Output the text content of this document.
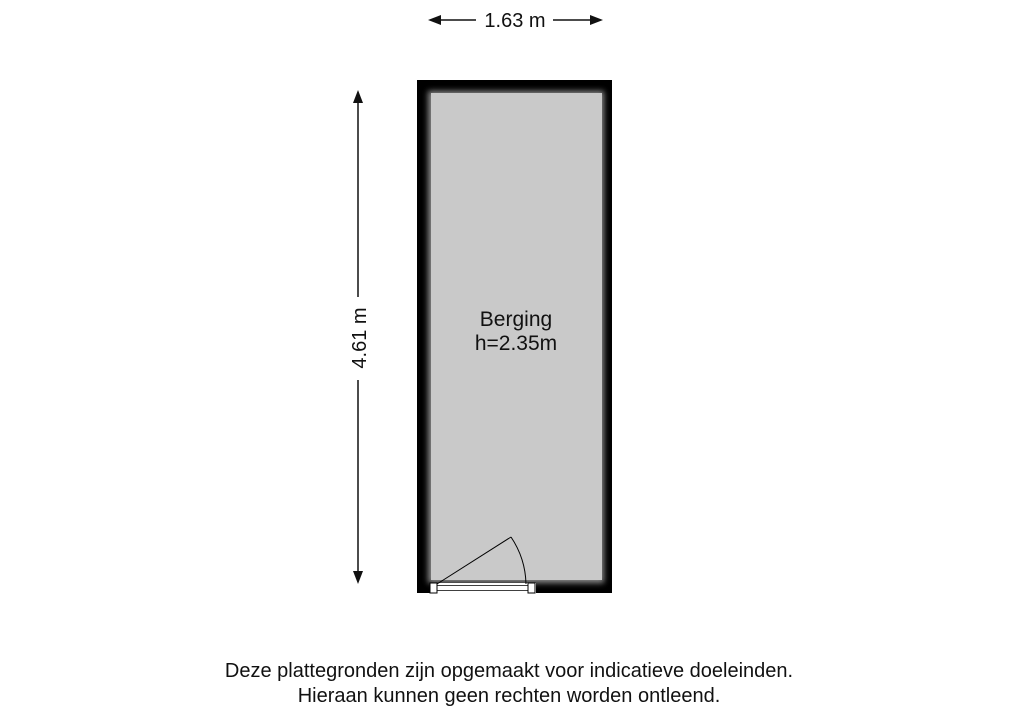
1.63 m
4.61 m	Berging
h=2.35m
Deze plattegronden zijn opgemaakt voor indicatieve doeleinden.
Hieraan kunnen geen rechten worden ontleend.
